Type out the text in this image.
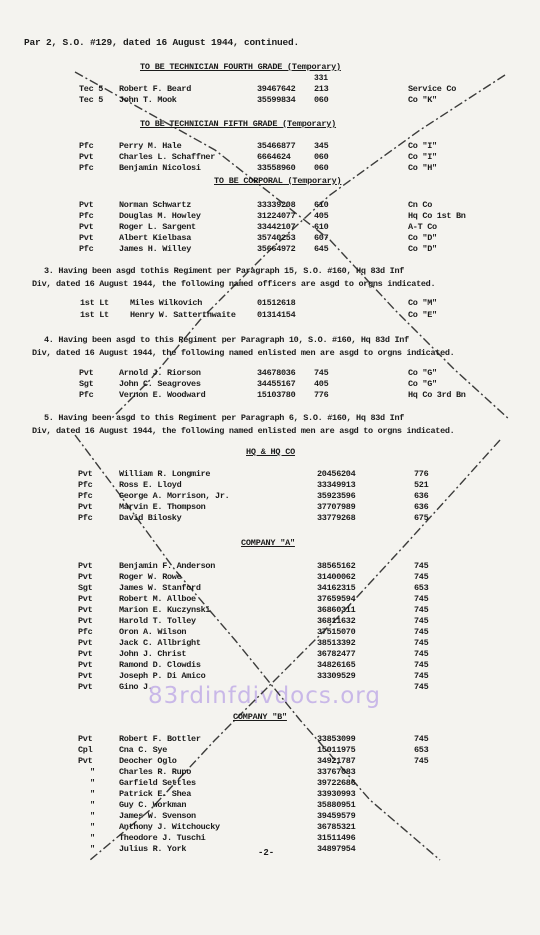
Par 2, S.O. #129, dated 16 August 1944, continued.
TO BE TECHNICIAN FOURTH GRADE (Temporary)
331
Tec 5 Robert F. Beard	39467642 213	Service Co
Tec 5 John T. Mook	35599834 060	Co "K"
TO BE TECHNICIAN FIFTH GRADE (Temporary)
Pfc	Perry M. Hale	35466877 345	Co "I"
Pvt	Charles L. Schaffner	6664624	060	Co "I"
Pfc	Benjamin Nicolosi	33558960 060	Co "H"
TO BE CORPORAL (Temporary)
Pvt	Norman Schwartz	33339208 610	Cn Co
Pfc	Douglas M. Howley	31224077 405	Hq Co 1st Bn
Pvt	Roger L. Sargent	33442107 610	A-T Co
Pvt	Albert Kielbasa	35740253 607	Co "D"
Pfc	James H. Willey	35664972 645	Co "D"
3. Having been asgd tothis Regiment per Paragraph 15, S.O. #160, Hq 83d Inf
Div, dated 16 August 1944, the following named officers are asgd to orgns indicated.
1st Lt Miles Wilkovich	01512618	Co "M"
1st Lt Henry W. Satterthwaite	01314154	Co "E"
4. Having been asgd to this Regiment per Paragraph 10, S.O. #160, Hq 83d Inf
Div, dated 16 August 1944, the following named enlisted men are asgd to orgns indicated.
Pvt	Arnold J. Riorson	34678036 745	Co "G"
Sgt	John C. Seagroves	34455167 405	Co "G"
Pfc	Vernon E. Woodward	15103780 776	Hq Co 3rd Bn
5. Having been asgd to this Regiment per Paragraph 6, S.O. #160, Hq 83d Inf
Div, dated 16 August 1944, the following named enlisted men are asgd to orgns indicated.
HQ & HQ CO
Pvt	William R. Longmire	20456204	776
Pfc	Ross E. Lloyd	33349913	521
Pfc	George A. Morrison, Jr.	35923596	636
Pvt	Marvin E. Thompson	37707989	636
Pfc	David Bilosky	33779268	675
COMPANY "A"
Pvt	Benjamin F. Anderson	38565162	745
Pvt	Roger W. Rowe	31400062	745
Sgt	James W. Stanford	34162315	653
Pvt	Robert M. Allboe	37659594	745
Pvt	Marion E. Kuczynski	36860311	745
Pvt	Harold T. Tolley	36811632	745
Pfc	Oron A. Wilson	37515070	745
Pvt	Jack C. Allbright	38513392	745
Pvt	John J. Christ	36782477	745
Pvt	Ramond D. Clowdis	34826165	745
Pvt	Joseph P. Di Amico	33309529	745
Pvt	Gino J.	745
COMPANY "B"
Pvt	Robert F. Bottler	33853099	745
Cpl	Cna C. Sye	15011975	653
Pvt	Deocher Oglo	34921787	745
"	Charles R. Rupo	33767083
"	Garfield Settles	39722686
"	Patrick E. Shea	33930993
"	Guy C. Workman	35880951
"	James W. Svenson	39459579
"	Anthony J. Witchoucky	36785321
"	Theodore J. Tuschi	31511496
"	Julius R. York	34897954
-2-
83rdinfdivdocs.org
